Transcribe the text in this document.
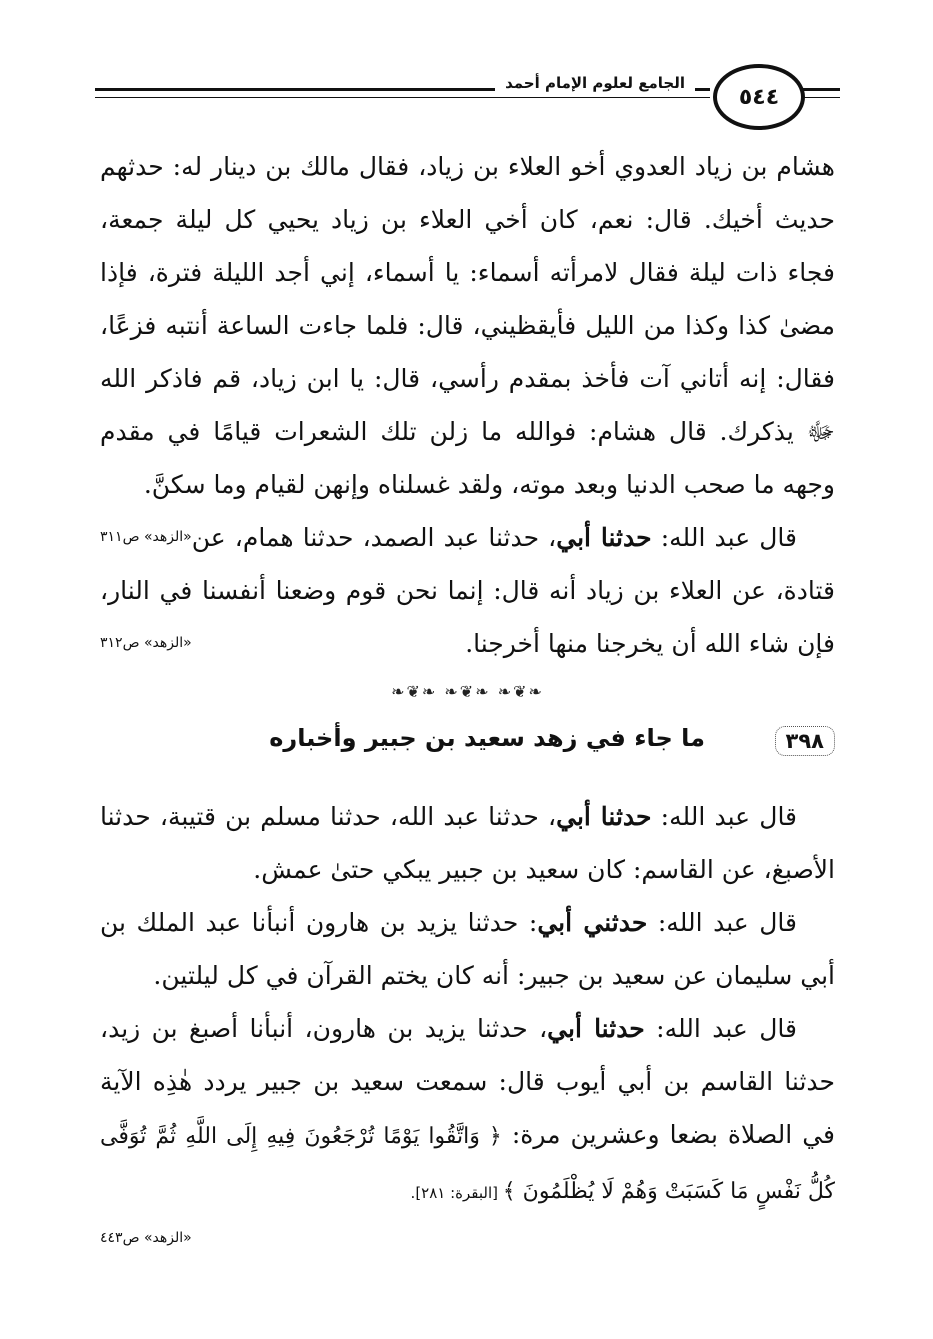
الجامع لعلوم الإمام أحمد
٥٤٤

هشام بن زياد العدوي أخو العلاء بن زياد، فقال مالك بن دينار له: حدثهم حديث أخيك. قال: نعم، كان أخي العلاء بن زياد يحيي كل ليلة جمعة، فجاء ذات ليلة فقال لامرأته أسماء: يا أسماء، إني أجد الليلة فترة، فإذا مضىٰ كذا وكذا من الليل فأيقظيني، قال: فلما جاءت الساعة أنتبه فزعًا، فقال: إنه أتاني آت فأخذ بمقدم رأسي، قال: يا ابن زياد، قم فاذكر الله ﷻ يذكرك. قال هشام: فوالله ما زلن تلك الشعرات قيامًا في مقدم وجهه ما صحب الدنيا وبعد موته، ولقد غسلناه وإنهن لقيام وما سكنَّ.
«الزهد» ص٣١١	قال عبد الله: حدثنا أبي، حدثنا عبد الصمد، حدثنا همام، عن قتادة، عن العلاء بن زياد أنه قال: إنما نحن قوم وضعنا أنفسنا في النار، فإن شاء الله أن يخرجنا منها أخرجنا.
«الزهد» ص٣١٢

❧❦❧ ❧❦❧ ❧❦❧
٣٩٨
ما جاء في زهد سعيد بن جبير وأخباره

قال عبد الله: حدثنا أبي، حدثنا عبد الله، حدثنا مسلم بن قتيبة، حدثنا الأصبغ، عن القاسم: كان سعيد بن جبير يبكي حتىٰ عمش.

قال عبد الله: حدثني أبي: حدثنا يزيد بن هارون أنبأنا عبد الملك بن أبي سليمان عن سعيد بن جبير: أنه كان يختم القرآن في كل ليلتين.

قال عبد الله: حدثنا أبي، حدثنا يزيد بن هارون، أنبأنا أصبغ بن زيد، حدثنا القاسم بن أبي أيوب قال: سمعت سعيد بن جبير يردد هٰذِه الآية في الصلاة بضعا وعشرين مرة: ﴿ وَاتَّقُوا يَوْمًا تُرْجَعُونَ فِيهِ إِلَى اللَّهِ ثُمَّ تُوَفَّى كُلُّ نَفْسٍ مَا كَسَبَتْ وَهُمْ لَا يُظْلَمُونَ ﴾ [البقرة: ٢٨١].

«الزهد» ص٤٤٣
